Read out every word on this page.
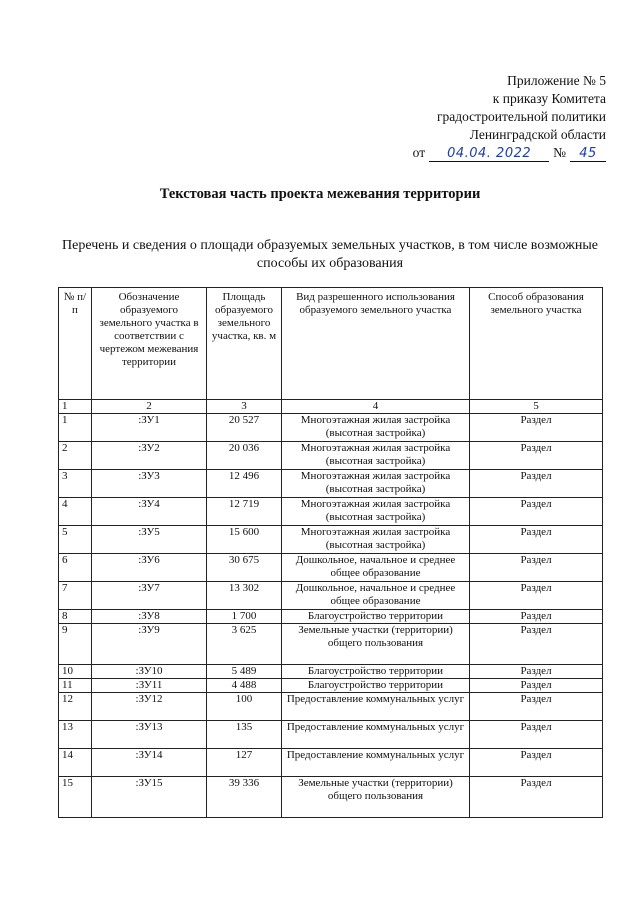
Приложение № 5
к приказу Комитета
градостроительной политики
Ленинградской области
от	04.04. 2022	№	45
Текстовая часть проекта межевания территории
Перечень и сведения о площади образуемых земельных участков, в том числе возможные способы их образования
№ п/п	Обозначение образуемого земельного участка в соответствии с чертежом межевания территории	Площадь образуемого земельного участка, кв. м	Вид разрешенного использования образуемого земельного участка	Способ образования земельного участка
1	2	3	4	5
1	:ЗУ1	20 527	Многоэтажная жилая застройка (высотная застройка)	Раздел
2	:ЗУ2	20 036	Многоэтажная жилая застройка (высотная застройка)	Раздел
3	:ЗУ3	12 496	Многоэтажная жилая застройка (высотная застройка)	Раздел
4	:ЗУ4	12 719	Многоэтажная жилая застройка (высотная застройка)	Раздел
5	:ЗУ5	15 600	Многоэтажная жилая застройка (высотная застройка)	Раздел
6	:ЗУ6	30 675	Дошкольное, начальное и среднее общее образование	Раздел
7	:ЗУ7	13 302	Дошкольное, начальное и среднее общее образование	Раздел
8	:ЗУ8	1 700	Благоустройство территории	Раздел
9	:ЗУ9	3 625	Земельные участки (территории) общего пользования	Раздел
10	:ЗУ10	5 489	Благоустройство территории	Раздел
11	:ЗУ11	4 488	Благоустройство территории	Раздел
12	:ЗУ12	100	Предоставление коммунальных услуг	Раздел
13	:ЗУ13	135	Предоставление коммунальных услуг	Раздел
14	:ЗУ14	127	Предоставление коммунальных услуг	Раздел
15	:ЗУ15	39 336	Земельные участки (территории) общего пользования	Раздел
